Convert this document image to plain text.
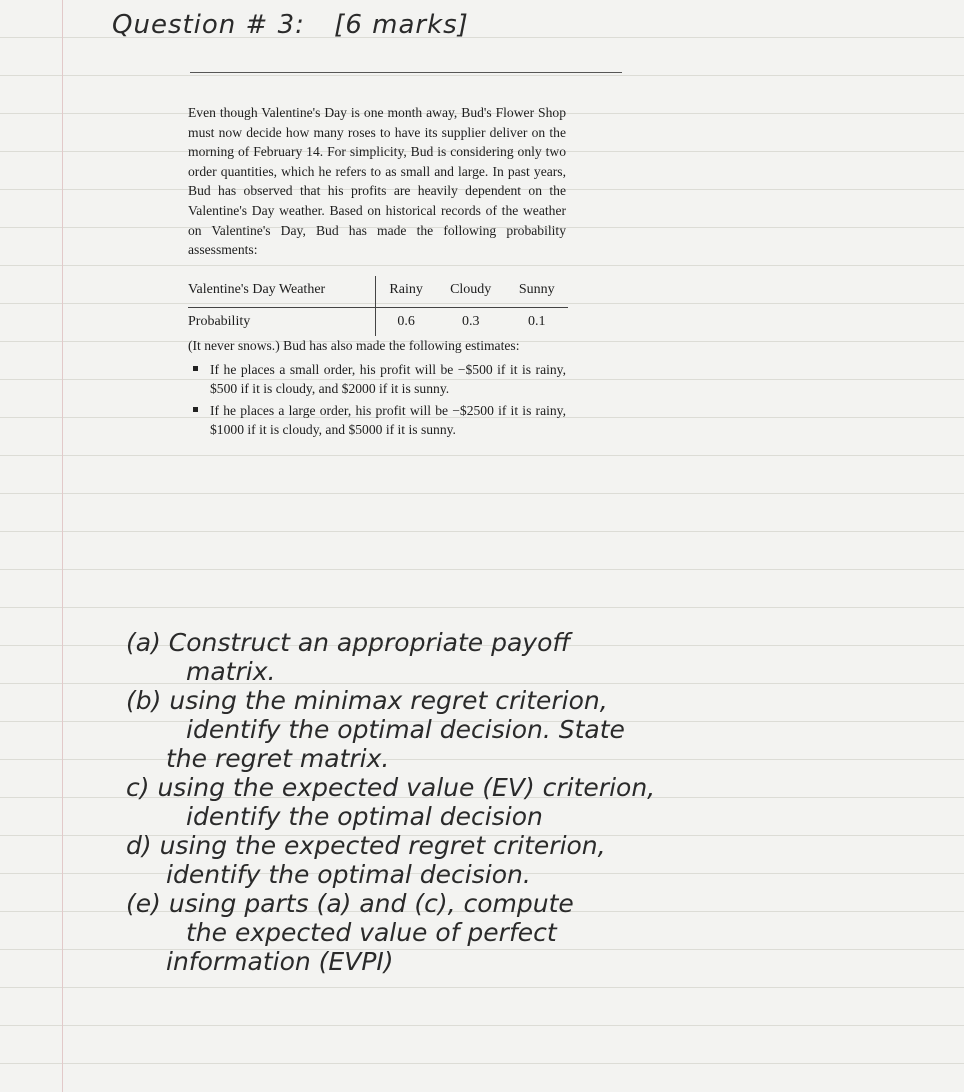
Question # 3: [6 marks]

Even though Valentine's Day is one month away, Bud's Flower Shop must now decide how many roses to have its supplier deliver on the morning of February 14. For simplicity, Bud is considering only two order quantities, which he refers to as small and large. In past years, Bud has observed that his profits are heavily dependent on the Valentine's Day weather. Based on historical records of the weather on Valentine's Day, Bud has made the following probability assessments:

Valentine's Day Weather	Rainy	Cloudy	Sunny
Probability	0.6	0.3	0.1

(It never snows.) Bud has also made the following estimates:

If he places a small order, his profit will be −$500 if it is rainy, $500 if it is cloudy, and $2000 if it is sunny.
If he places a large order, his profit will be −$2500 if it is rainy, $1000 if it is cloudy, and $5000 if it is sunny.

(a) Construct an appropriate payoff

matrix.

(b) using the minimax regret criterion,

identify the optimal decision. State

the regret matrix.

c) using the expected value (EV) criterion,

identify the optimal decision

d) using the expected regret criterion,

identify the optimal decision.

(e) using parts (a) and (c), compute

the expected value of perfect

information (EVPI)
